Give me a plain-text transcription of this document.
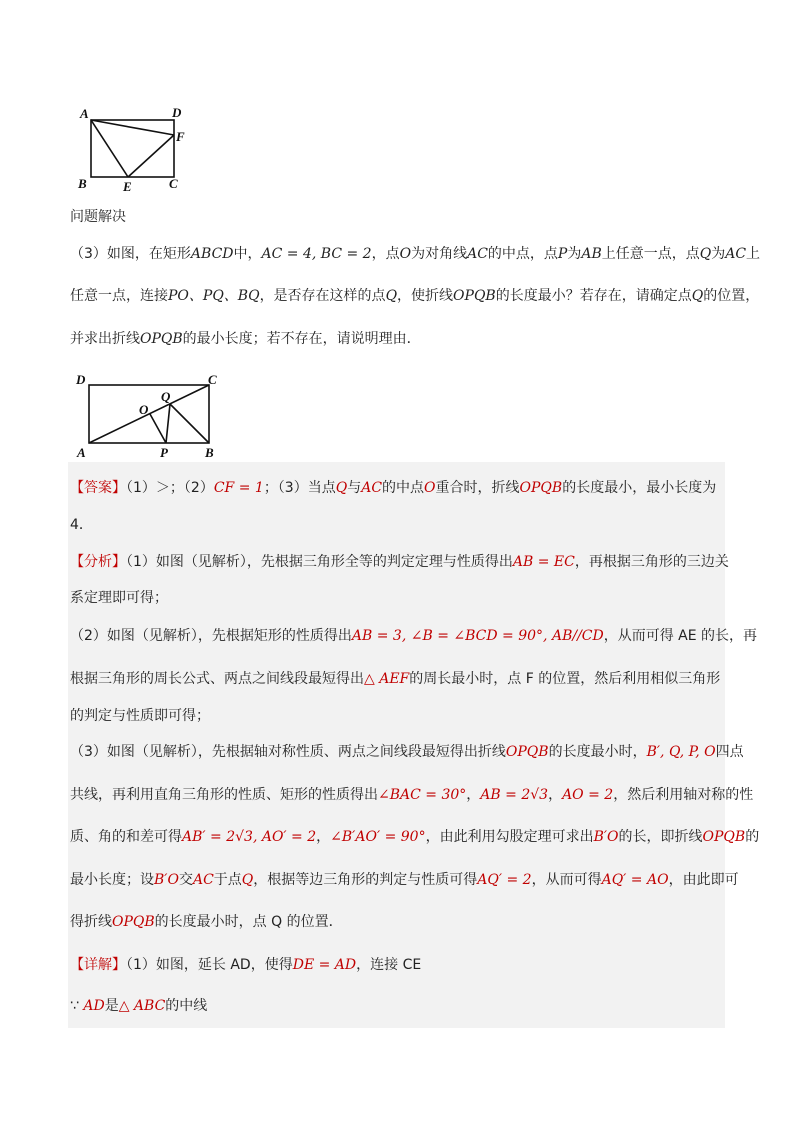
A	D
F
B	E	C
问题解决
（3）如图，在矩形ABCD中，AC = 4, BC = 2，点O为对角线AC的中点，点P为AB上任意一点，点Q为AC上
任意一点，连接PO、PQ、BQ，是否存在这样的点Q，使折线OPQB的长度最小？若存在，请确定点Q的位置，
并求出折线OPQB的最小长度；若不存在，请说明理由．
D	C
O
Q
A	P	B
【答案】（1）＞；（2）CF = 1；（3）当点Q与AC的中点O重合时，折线OPQB的长度最小，最小长度为
4．
【分析】（1）如图（见解析），先根据三角形全等的判定定理与性质得出AB = EC，再根据三角形的三边关
系定理即可得；
（2）如图（见解析），先根据矩形的性质得出AB = 3, ∠B = ∠BCD = 90°, AB//CD，从而可得 AE 的长，再
根据三角形的周长公式、两点之间线段最短得出△ AEF的周长最小时，点 F 的位置，然后利用相似三角形
的判定与性质即可得；
（3）如图（见解析），先根据轴对称性质、两点之间线段最短得出折线OPQB的长度最小时，B′, Q, P, O四点
共线，再利用直角三角形的性质、矩形的性质得出∠BAC = 30°，AB = 2√3，AO = 2，然后利用轴对称的性
质、角的和差可得AB′ = 2√3, AO′ = 2，∠B′AO′ = 90°，由此利用勾股定理可求出B′O的长，即折线OPQB的
最小长度；设B′O交AC于点Q，根据等边三角形的判定与性质可得AQ′ = 2，从而可得AQ′ = AO，由此即可
得折线OPQB的长度最小时，点 Q 的位置．
【详解】（1）如图，延长 AD，使得DE = AD，连接 CE
∵ AD是△ ABC的中线
